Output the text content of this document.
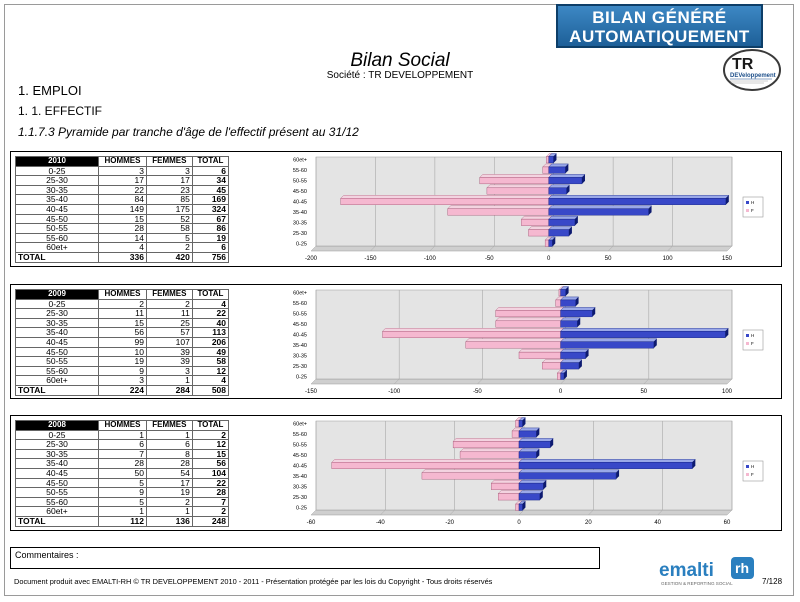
BILAN GÉNÉRÉ
AUTOMATIQUEMENT
TR
DEVeloppement
Bilan Social
Société : TR DEVELOPPEMENT
1. EMPLOI
1. 1. EFFECTIF
1.1.7.3 Pyramide par tranche d'âge de l'effectif présent au 31/12
2010	HOMMES	FEMMES	TOTAL
0-25	3	3	6
25-30	17	17	34
30-35	22	23	45
35-40	84	85	169
40-45	149	175	324
45-50	15	52	67
50-55	28	58	86
55-60	14	5	19
60et+	4	2	6
TOTAL	336	420	756	-200	-150	-100	-50	0	50	100	150
60et+
55-60
50-55
45-50
40-45
35-40
30-35
25-30
0-25
H
F
2009	HOMMES	FEMMES	TOTAL
0-25	2	2	4
25-30	11	11	22
30-35	15	25	40
35-40	56	57	113
40-45	99	107	206
45-50	10	39	49
50-55	19	39	58
55-60	9	3	12
60et+	3	1	4
TOTAL	224	284	508	-150	-100	-50	0	50	100
60et+
55-60
50-55
45-50
40-45
35-40
30-35
25-30
0-25
H
F
2008	HOMMES	FEMMES	TOTAL
0-25	1	1	2
25-30	6	6	12
30-35	7	8	15
35-40	28	28	56
40-45	50	54	104
45-50	5	17	22
50-55	9	19	28
55-60	5	2	7
60et+	1	1	2
TOTAL	112	136	248	-60	-40	-20	0	20	40	60
60et+
55-60
50-55
45-50
40-45
35-40
30-35
25-30
0-25
H
F
Commentaires :
Document produit avec EMALTI-RH © TR DEVELOPPEMENT 2010 - 2011 - Présentation protégée par les lois du Copyright - Tous droits réservés
emalti rh
GESTION & REPORTING SOCIAL	7/128
